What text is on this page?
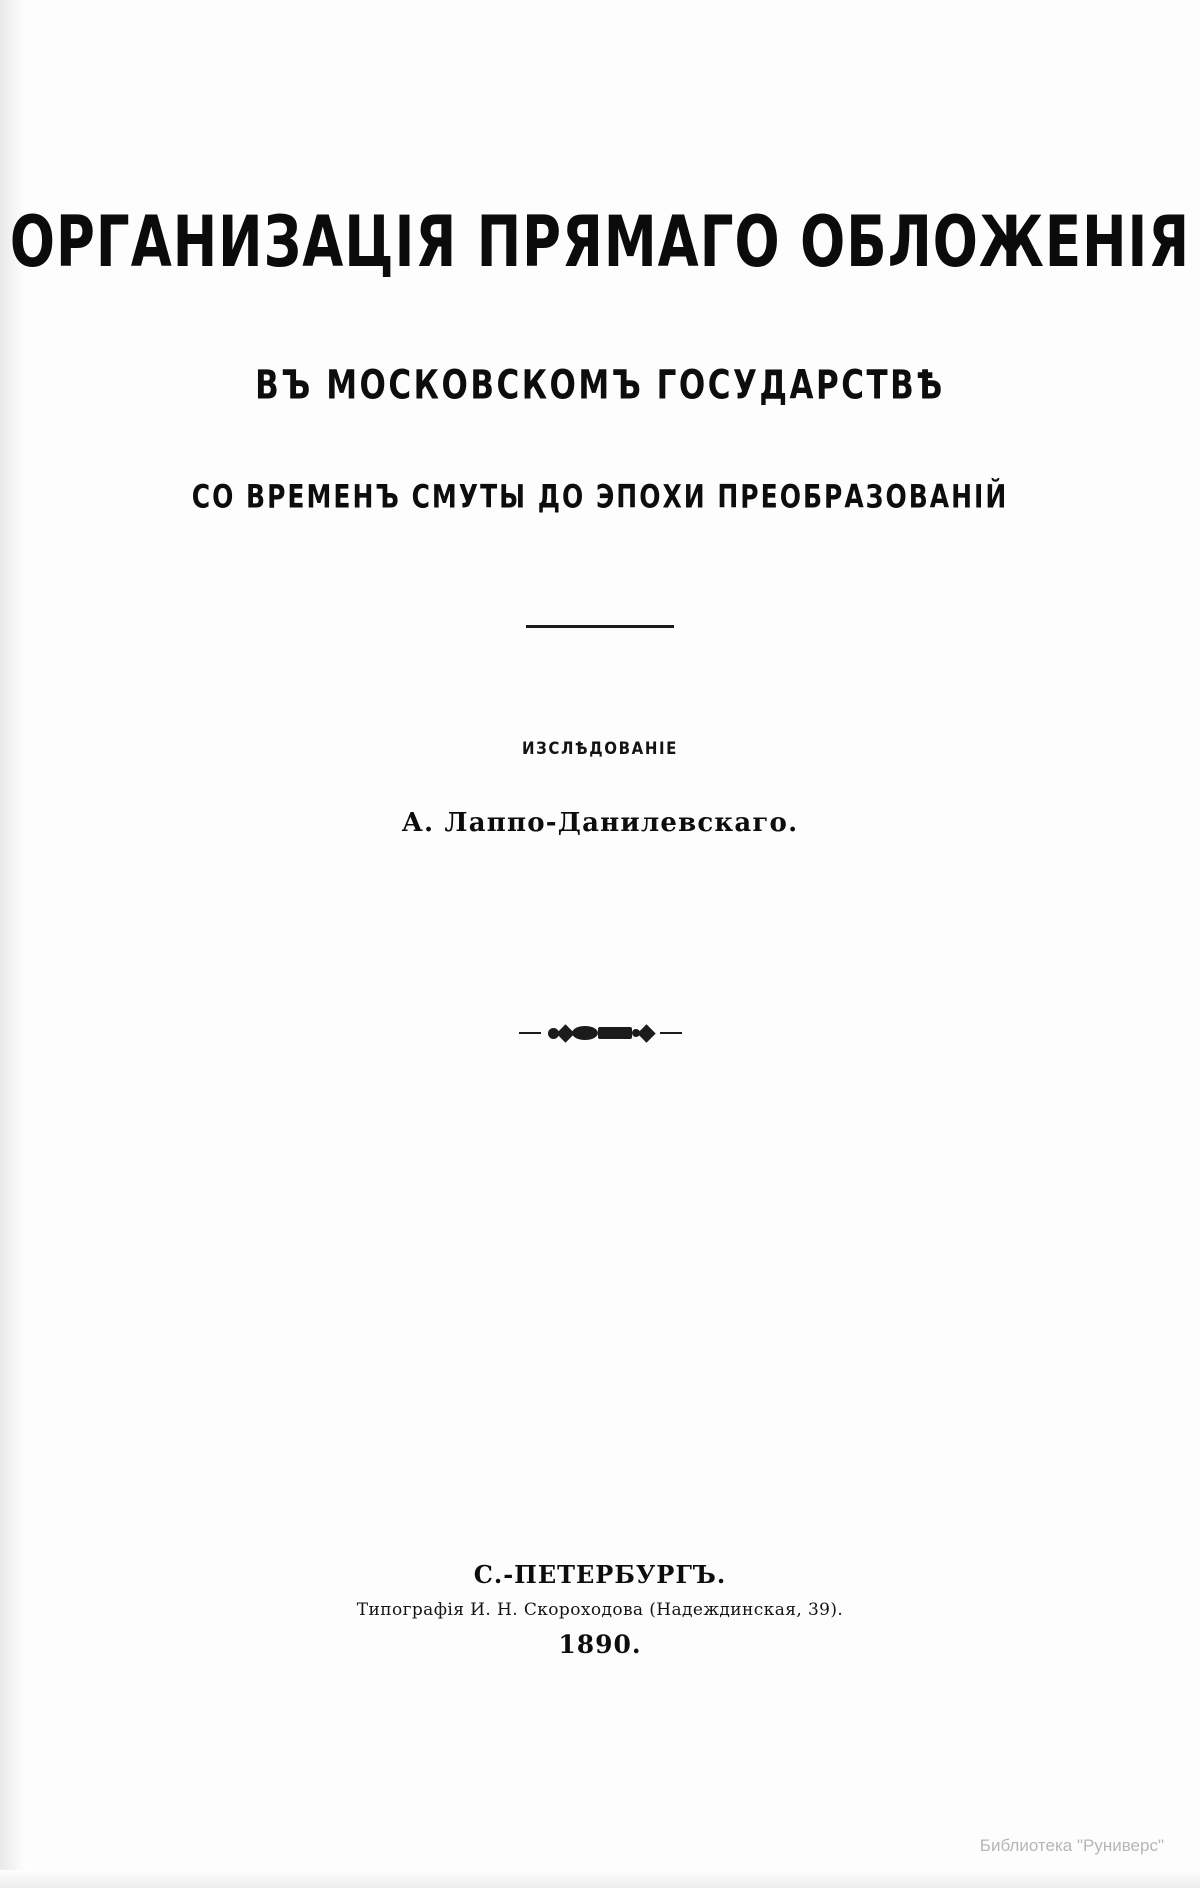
ОРГАНИЗАЦІЯ ПРЯМАГО ОБЛОЖЕНІЯ
ВЪ МОСКОВСКОМЪ ГОСУДАРСТВѢ
СО ВРЕМЕНЪ СМУТЫ ДО ЭПОХИ ПРЕОБРАЗОВАНІЙ
ИЗСЛѢДОВАНІЕ
А. Лаппо-Данилевскаго.
С.-ПЕТЕРБУРГЪ.
Типографія И. Н. Скороходова (Надеждинская, 39).
1890.
Библиотека "Руниверс"
